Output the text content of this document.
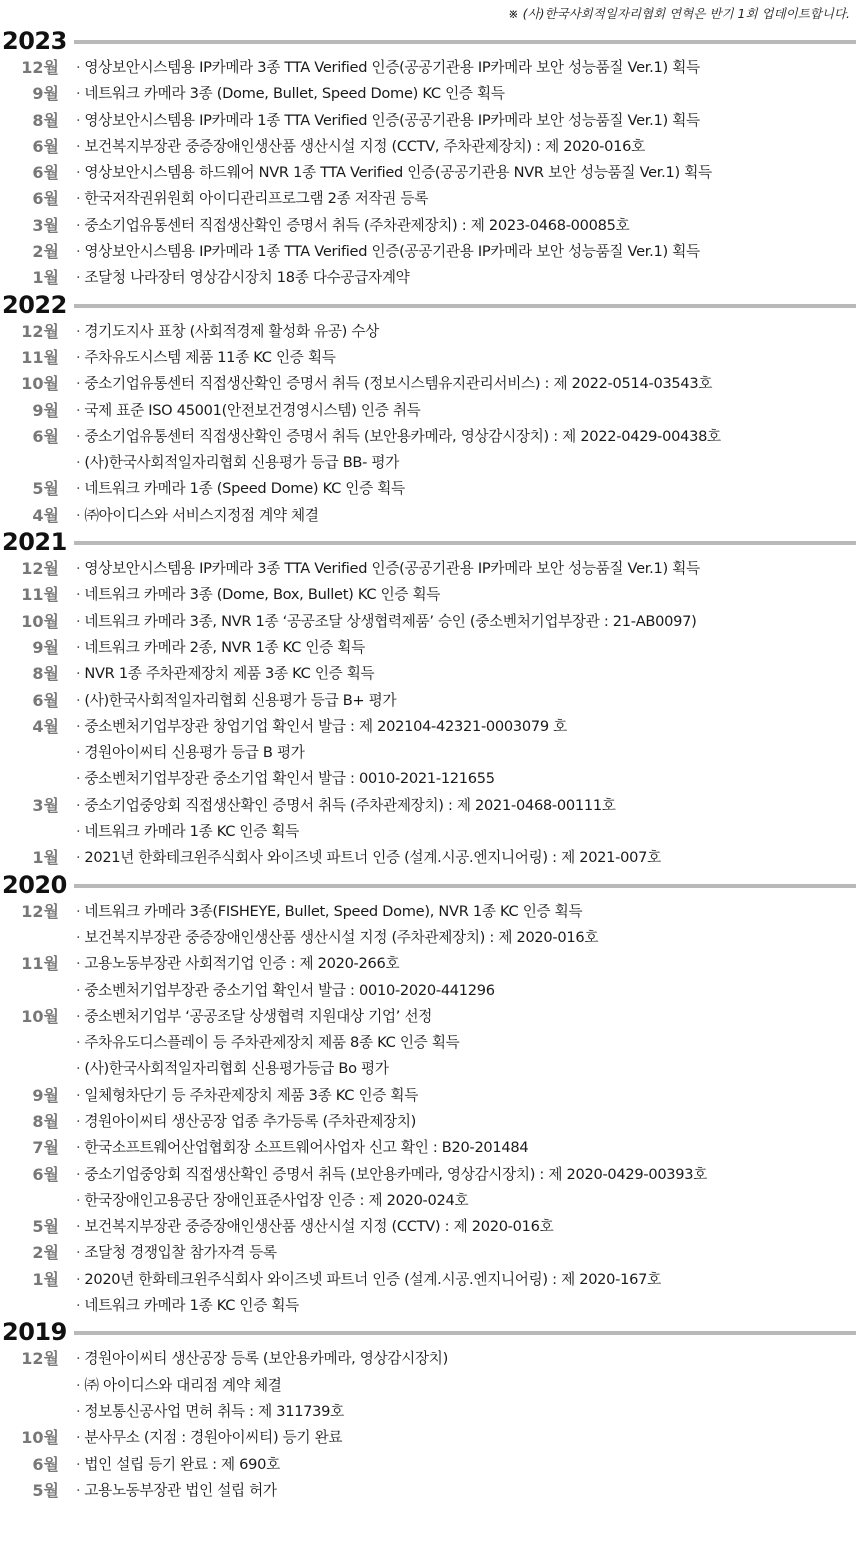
※ (사)한국사회적일자리협회 연혁은 반기 1회 업데이트합니다.
2023
12월	· 영상보안시스템용 IP카메라 3종 TTA Verified 인증(공공기관용 IP카메라 보안 성능품질 Ver.1) 획득
9월	· 네트워크 카메라 3종 (Dome, Bullet, Speed Dome) KC 인증 획득
8월	· 영상보안시스템용 IP카메라 1종 TTA Verified 인증(공공기관용 IP카메라 보안 성능품질 Ver.1) 획득
6월	· 보건복지부장관 중증장애인생산품 생산시설 지정 (CCTV, 주차관제장치) : 제 2020-016호
6월	· 영상보안시스템용 하드웨어 NVR 1종 TTA Verified 인증(공공기관용 NVR 보안 성능품질 Ver.1) 획득
6월	· 한국저작권위원회 아이디관리프로그램 2종 저작권 등록
3월	· 중소기업유통센터 직접생산확인 증명서 취득 (주차관제장치) : 제 2023-0468-00085호
2월	· 영상보안시스템용 IP카메라 1종 TTA Verified 인증(공공기관용 IP카메라 보안 성능품질 Ver.1) 획득
1월	· 조달청 나라장터 영상감시장치 18종 다수공급자계약
2022
12월	· 경기도지사 표창 (사회적경제 활성화 유공) 수상
11월	· 주차유도시스템 제품 11종 KC 인증 획득
10월	· 중소기업유통센터 직접생산확인 증명서 취득 (정보시스템유지관리서비스) : 제 2022-0514-03543호
9월	· 국제 표준 ISO 45001(안전보건경영시스템) 인증 취득
6월	· 중소기업유통센터 직접생산확인 증명서 취득 (보안용카메라, 영상감시장치) : 제 2022-0429-00438호
· (사)한국사회적일자리협회 신용평가 등급 BB- 평가
5월	· 네트워크 카메라 1종 (Speed Dome) KC 인증 획득
4월	· ㈜아이디스와 서비스지정점 계약 체결
2021
12월	· 영상보안시스템용 IP카메라 3종 TTA Verified 인증(공공기관용 IP카메라 보안 성능품질 Ver.1) 획득
11월	· 네트워크 카메라 3종 (Dome, Box, Bullet) KC 인증 획득
10월	· 네트워크 카메라 3종, NVR 1종 ‘공공조달 상생협력제품’ 승인 (중소벤처기업부장관 : 21-AB0097)
9월	· 네트워크 카메라 2종, NVR 1종 KC 인증 획득
8월	· NVR 1종 주차관제장치 제품 3종 KC 인증 획득
6월	· (사)한국사회적일자리협회 신용평가 등급 B+ 평가
4월	· 중소벤처기업부장관 창업기업 확인서 발급 : 제 202104-42321-0003079 호
· 경원아이씨티 신용평가 등급 B 평가
· 중소벤처기업부장관 중소기업 확인서 발급 : 0010-2021-121655
3월	· 중소기업중앙회 직접생산확인 증명서 취득 (주차관제장치) : 제 2021-0468-00111호
· 네트워크 카메라 1종 KC 인증 획득
1월	· 2021년 한화테크윈주식회사 와이즈넷 파트너 인증 (설계.시공.엔지니어링) : 제 2021-007호
2020
12월	· 네트워크 카메라 3종(FISHEYE, Bullet, Speed Dome), NVR 1종 KC 인증 획득
· 보건복지부장관 중증장애인생산품 생산시설 지정 (주차관제장치) : 제 2020-016호
11월	· 고용노동부장관 사회적기업 인증 : 제 2020-266호
· 중소벤처기업부장관 중소기업 확인서 발급 : 0010-2020-441296
10월	· 중소벤처기업부 ‘공공조달 상생협력 지원대상 기업’ 선정
· 주차유도디스플레이 등 주차관제장치 제품 8종 KC 인증 획득
· (사)한국사회적일자리협회 신용평가등급 Bo 평가
9월	· 일체형차단기 등 주차관제장치 제품 3종 KC 인증 획득
8월	· 경원아이씨티 생산공장 업종 추가등록 (주차관제장치)
7월	· 한국소프트웨어산업협회장 소프트웨어사업자 신고 확인 : B20-201484
6월	· 중소기업중앙회 직접생산확인 증명서 취득 (보안용카메라, 영상감시장치) : 제 2020-0429-00393호
· 한국장애인고용공단 장애인표준사업장 인증 : 제 2020-024호
5월	· 보건복지부장관 중증장애인생산품 생산시설 지정 (CCTV) : 제 2020-016호
2월	· 조달청 경쟁입찰 참가자격 등록
1월	· 2020년 한화테크윈주식회사 와이즈넷 파트너 인증 (설계.시공.엔지니어링) : 제 2020-167호
· 네트워크 카메라 1종 KC 인증 획득
2019
12월	· 경원아이씨티 생산공장 등록 (보안용카메라, 영상감시장치)
· ㈜ 아이디스와 대리점 계약 체결
· 정보통신공사업 면허 취득 : 제 311739호
10월	· 분사무소 (지점 : 경원아이씨티) 등기 완료
6월	· 법인 설립 등기 완료 : 제 690호
5월	· 고용노동부장관 법인 설립 허가
